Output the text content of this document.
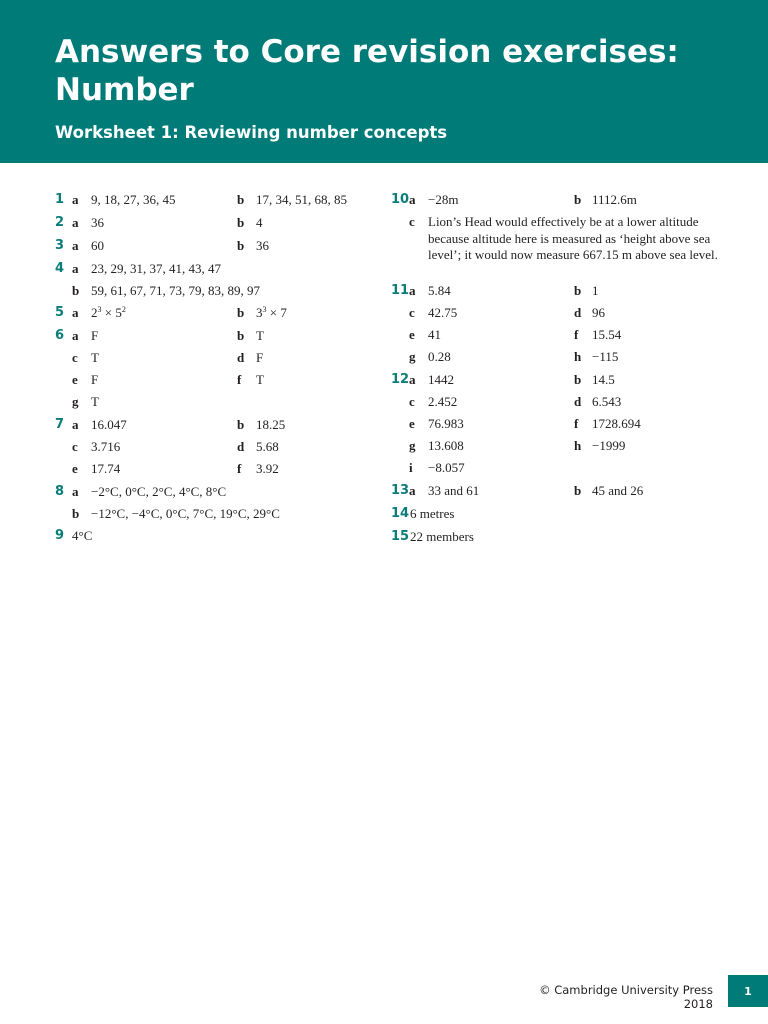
Answers to Core revision exercises: Number
Worksheet 1: Reviewing number concepts
1 a 9, 18, 27, 36, 45	b 17, 34, 51, 68, 85
2 a 36	b 4
3 a 60	b 36
4 a 23, 29, 31, 37, 41, 43, 47
b 59, 61, 67, 71, 73, 79, 83, 89, 97
5 a $2^3 \times 5^2$	b $3^3 \times 7$
6 a F	b T
c T	d F
e F	f T
g T
7 a 16.047	b 18.25
c 3.716	d 5.68
e 17.74	f 3.92
8 a −2°C, 0°C, 2°C, 4°C, 8°C
b −12°C, −4°C, 0°C, 7°C, 19°C, 29°C
9 4°C
10 a −28m	b 1112.6m
c Lion’s Head would effectively be at a lower altitude because altitude here is measured as ‘height above sea level’; it would now measure 667.15 m above sea level.
11 a 5.84	b 1
c 42.75	d 96
e 41	f 15.54
g 0.28	h −115
12 a 1442	b 14.5
c 2.452	d 6.543
e 76.983	f 1728.694
g 13.608	h −1999
i −8.057
13 a 33 and 61	b 45 and 26
14 6 metres
15 22 members
© Cambridge University Press 2018
1
